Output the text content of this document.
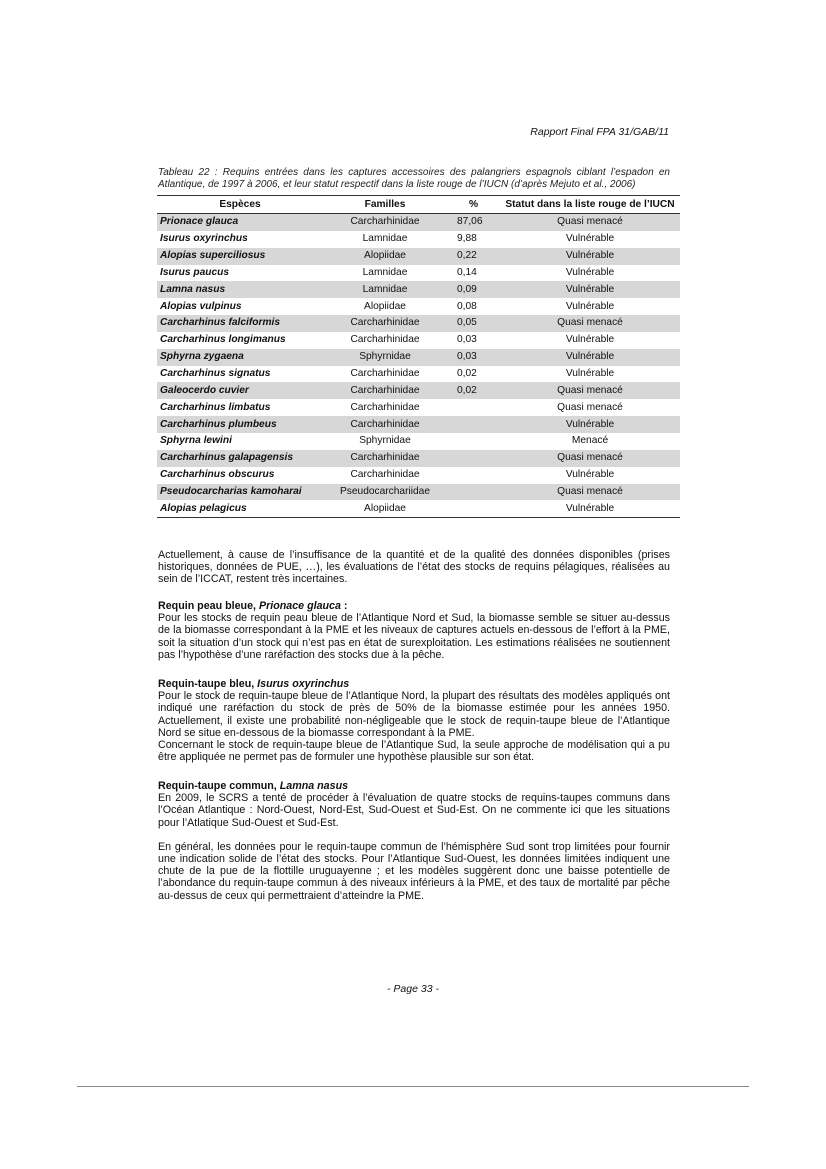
Rapport Final FPA 31/GAB/11
Tableau 22 : Requins entrées dans les captures accessoires des palangriers espagnols ciblant l’espadon en Atlantique, de 1997 à 2006, et leur statut respectif dans la liste rouge de l’IUCN (d’après Mejuto et al., 2006)
Espèces	Familles	%	Statut dans la liste rouge de l’IUCN
Prionace glauca	Carcharhinidae	87,06	Quasi menacé
Isurus oxyrinchus	Lamnidae	9,88	Vulnérable
Alopias superciliosus	Alopiidae	0,22	Vulnérable
Isurus paucus	Lamnidae	0,14	Vulnérable
Lamna nasus	Lamnidae	0,09	Vulnérable
Alopias vulpinus	Alopiidae	0,08	Vulnérable
Carcharhinus falciformis	Carcharhinidae	0,05	Quasi menacé
Carcharhinus longimanus	Carcharhinidae	0,03	Vulnérable
Sphyrna zygaena	Sphyrnidae	0,03	Vulnérable
Carcharhinus signatus	Carcharhinidae	0,02	Vulnérable
Galeocerdo cuvier	Carcharhinidae	0,02	Quasi menacé
Carcharhinus limbatus	Carcharhinidae		Quasi menacé
Carcharhinus plumbeus	Carcharhinidae		Vulnérable
Sphyrna lewini	Sphyrnidae		Menacé
Carcharhinus galapagensis	Carcharhinidae		Quasi menacé
Carcharhinus obscurus	Carcharhinidae		Vulnérable
Pseudocarcharias kamoharai	Pseudocarchariidae		Quasi menacé
Alopias pelagicus	Alopiidae		Vulnérable

Actuellement, à cause de l’insuffisance de la quantité et de la qualité des données disponibles (prises historiques, données de PUE, …), les évaluations de l’état des stocks de requins pélagiques, réalisées au sein de l’ICCAT, restent très incertaines.

Requin peau bleue, Prionace glauca :

Pour les stocks de requin peau bleue de l’Atlantique Nord et Sud, la biomasse semble se situer au-dessus de la biomasse correspondant à la PME et les niveaux de captures actuels en-dessous de l’effort à la PME, soit la situation d’un stock qui n’est pas en état de surexploitation. Les estimations réalisées ne soutiennent pas l’hypothèse d’une raréfaction des stocks due à la pêche.

Requin-taupe bleu, Isurus oxyrinchus

Pour le stock de requin-taupe bleue de l’Atlantique Nord, la plupart des résultats des modèles appliqués ont indiqué une raréfaction du stock de près de 50% de la biomasse estimée pour les années 1950. Actuellement, il existe une probabilité non-négligeable que le stock de requin-taupe bleue de l’Atlantique Nord se situe en-dessous de la biomasse correspondant à la PME.

Concernant le stock de requin-taupe bleue de l’Atlantique Sud, la seule approche de modélisation qui a pu être appliquée ne permet pas de formuler une hypothèse plausible sur son état.

Requin-taupe commun, Lamna nasus

En 2009, le SCRS a tenté de procéder à l’évaluation de quatre stocks de requins-taupes communs dans l’Océan Atlantique : Nord-Ouest, Nord-Est, Sud-Ouest et Sud-Est. On ne commente ici que les situations pour l’Atlatique Sud-Ouest et Sud-Est.

En général, les données pour le requin-taupe commun de l’hémisphère Sud sont trop limitées pour fournir une indication solide de l’état des stocks. Pour l’Atlantique Sud-Ouest, les données limitées indiquent une chute de la pue de la flottille uruguayenne ; et les modèles suggèrent donc une baisse potentielle de l’abondance du requin-taupe commun à des niveaux inférieurs à la PME, et des taux de mortalité par pêche au-dessus de ceux qui permettraient d’atteindre la PME.

- Page 33 -
